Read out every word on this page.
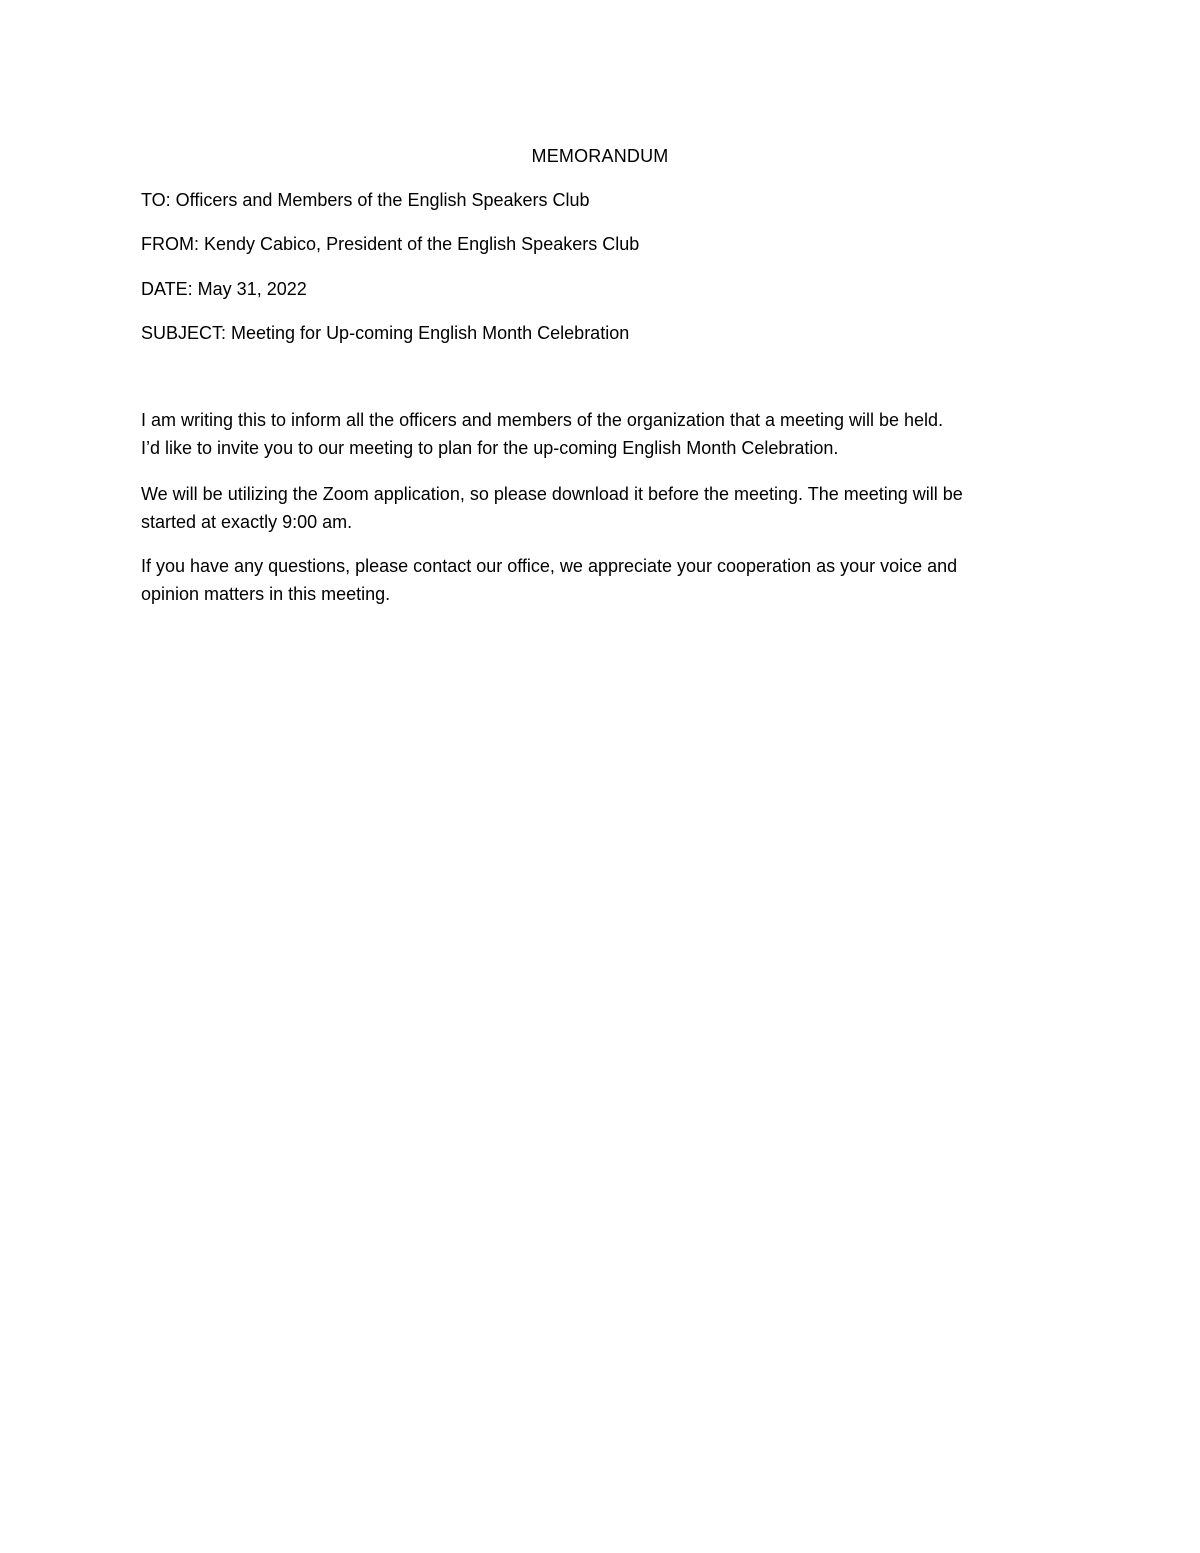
MEMORANDUM
TO: Officers and Members of the English Speakers Club
FROM: Kendy Cabico, President of the English Speakers Club
DATE: May 31, 2022
SUBJECT: Meeting for Up-coming English Month Celebration
I am writing this to inform all the officers and members of the organization that a meeting will be held.
I’d like to invite you to our meeting to plan for the up-coming English Month Celebration.
We will be utilizing the Zoom application, so please download it before the meeting. The meeting will be
started at exactly 9:00 am.
If you have any questions, please contact our office, we appreciate your cooperation as your voice and
opinion matters in this meeting.
